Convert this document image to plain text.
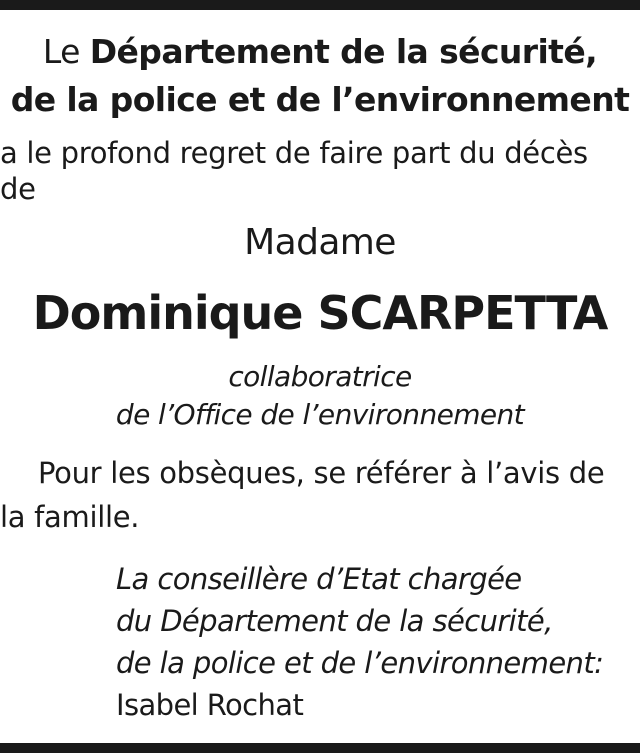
Le Département de la sécurité,
de la police et de l’environnement
a le profond regret de faire part du décès
de
Madame
Dominique SCARPETTA
collaboratrice
de l’Office de l’environnement
Pour les obsèques, se référer à l’avis de
la famille.
La conseillère d’Etat chargée
du Département de la sécurité,
de la police et de l’environnement:
Isabel Rochat
